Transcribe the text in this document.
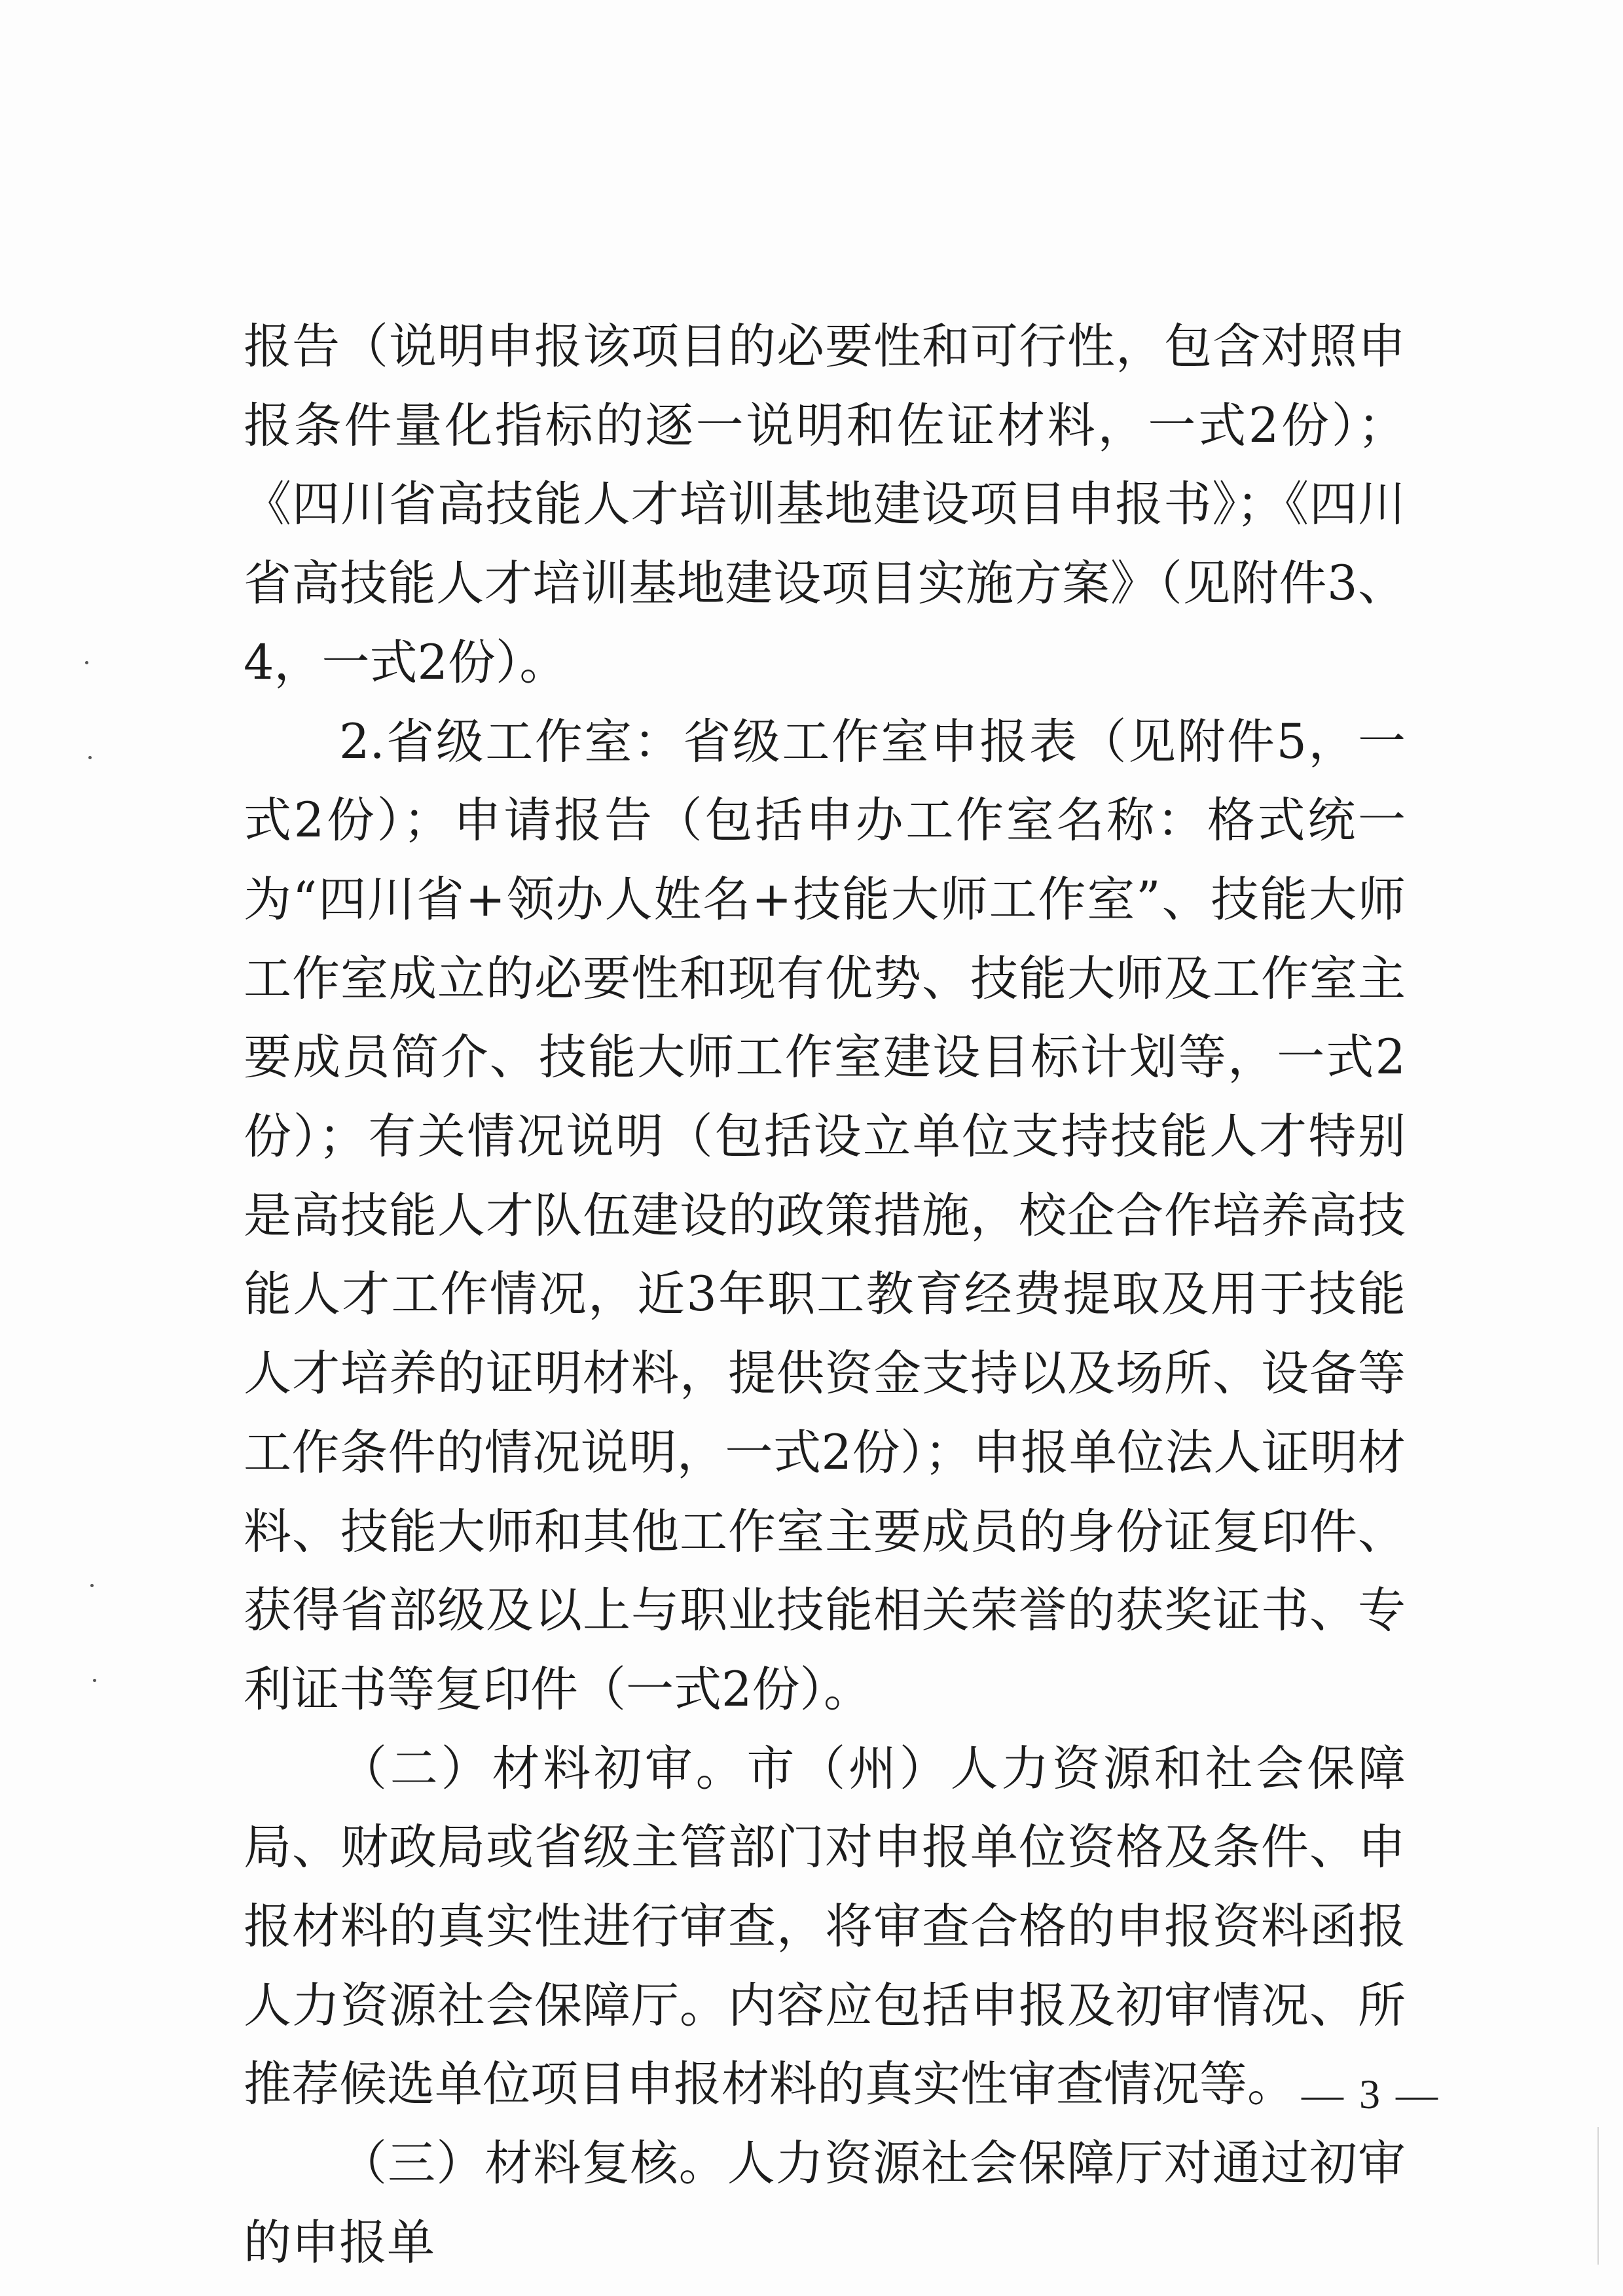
报告（说明申报该项目的必要性和可行性，包含对照申报条件量化指标的逐一说明和佐证材料，一式2份）；《四川省高技能人才培训基地建设项目申报书》；《四川省高技能人才培训基地建设项目实施方案》（见附件3、4，一式2份）。

2.省级工作室：省级工作室申报表（见附件5，一式2份）；申请报告（包括申办工作室名称：格式统一为“四川省+领办人姓名+技能大师工作室”、技能大师工作室成立的必要性和现有优势、技能大师及工作室主要成员简介、技能大师工作室建设目标计划等，一式2份）；有关情况说明（包括设立单位支持技能人才特别是高技能人才队伍建设的政策措施，校企合作培养高技能人才工作情况，近3年职工教育经费提取及用于技能人才培养的证明材料，提供资金支持以及场所、设备等工作条件的情况说明，一式2份）；申报单位法人证明材料、技能大师和其他工作室主要成员的身份证复印件、获得省部级及以上与职业技能相关荣誉的获奖证书、专利证书等复印件（一式2份）。

（二）材料初审。市（州）人力资源和社会保障局、财政局或省级主管部门对申报单位资格及条件、申报材料的真实性进行审查，将审查合格的申报资料函报人力资源社会保障厅。内容应包括申报及初审情况、所推荐候选单位项目申报材料的真实性审查情况等。

（三）材料复核。人力资源社会保障厅对通过初审的申报单

— 3 —
